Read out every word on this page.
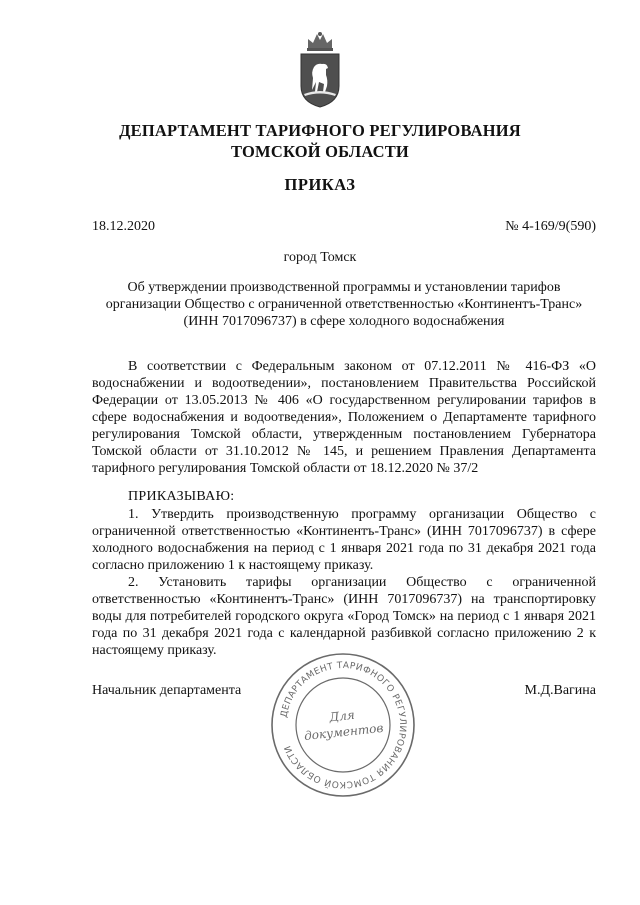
ДЕПАРТАМЕНТ ТАРИФНОГО РЕГУЛИРОВАНИЯ
ТОМСКОЙ ОБЛАСТИ
ПРИКАЗ
18.12.2020	№ 4-169/9(590)
город Томск
Об утверждении производственной программы и установлении тарифов
организации Общество с ограниченной ответственностью «Континентъ-Транс»
(ИНН 7017096737) в сфере холодного водоснабжения

В соответствии с Федеральным законом от 07.12.2011 № 416-ФЗ «О водоснабжении и водоотведении», постановлением Правительства Российской Федерации от 13.05.2013 № 406 «О государственном регулировании тарифов в сфере водоснабжения и водоотведения», Положением о Департаменте тарифного регулирования Томской области, утвержденным постановлением Губернатора Томской области от 31.10.2012 № 145, и решением Правления Департамента тарифного регулирования Томской области от 18.12.2020 № 37/2

ПРИКАЗЫВАЮ:

1. Утвердить производственную программу организации Общество с ограниченной ответственностью «Континентъ-Транс» (ИНН 7017096737) в сфере холодного водоснабжения на период с 1 января 2021 года по 31 декабря 2021 года согласно приложению 1 к настоящему приказу.

2. Установить тарифы организации Общество с ограниченной ответственностью «Континентъ-Транс» (ИНН 7017096737) на транспортировку воды для потребителей городского округа «Город Томск» на период с 1 января 2021 года по 31 декабря 2021 года с календарной разбивкой согласно приложению 2 к настоящему приказу.

Начальник департамента	М.Д.Вагина
ДЕПАРТАМЕНТ ТАРИФНОГО РЕГУЛИРОВАНИЯ ТОМСКОЙ ОБЛАСТИ
Для
документов
